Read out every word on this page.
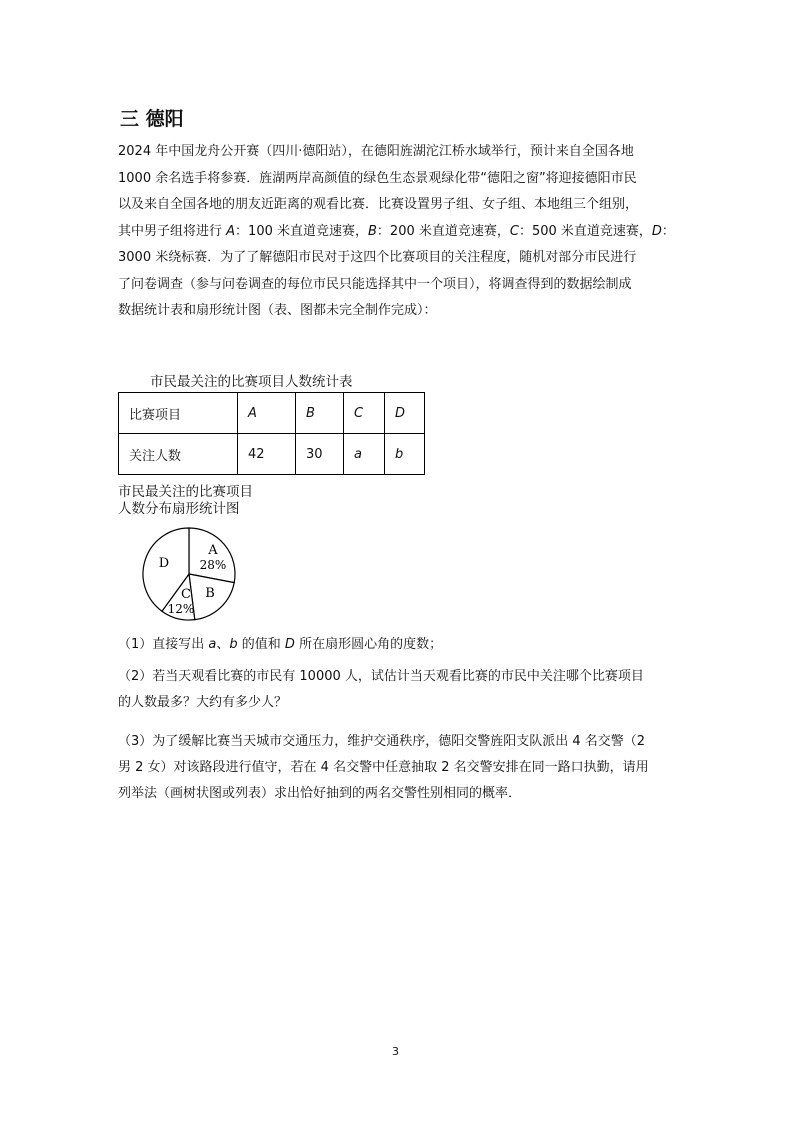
三 德阳
2024 年中国龙舟公开赛（四川·德阳站），在德阳旌湖沱江桥水域举行，预计来自全国各地
1000 余名选手将参赛．旌湖两岸高颜值的绿色生态景观绿化带“德阳之窗”将迎接德阳市民
以及来自全国各地的朋友近距离的观看比赛．比赛设置男子组、女子组、本地组三个组别，
其中男子组将进行 A：100 米直道竞速赛，B：200 米直道竞速赛，C：500 米直道竞速赛，D：
3000 米绕标赛．为了了解德阳市民对于这四个比赛项目的关注程度，随机对部分市民进行
了问卷调查（参与问卷调查的每位市民只能选择其中一个项目），将调查得到的数据绘制成
数据统计表和扇形统计图（表、图都未完全制作完成）：
市民最关注的比赛项目人数统计表
比赛项目	A	B	C	D
关注人数	42	30	a	b
市民最关注的比赛项目
人数分布扇形统计图
A
28%
B
C
12%
D
（1）直接写出 a、b 的值和 D 所在扇形圆心角的度数；
（2）若当天观看比赛的市民有 10000 人，试估计当天观看比赛的市民中关注哪个比赛项目
的人数最多？大约有多少人？
（3）为了缓解比赛当天城市交通压力，维护交通秩序，德阳交警旌阳支队派出 4 名交警（2
男 2 女）对该路段进行值守，若在 4 名交警中任意抽取 2 名交警安排在同一路口执勤，请用
列举法（画树状图或列表）求出恰好抽到的两名交警性别相同的概率．
3
